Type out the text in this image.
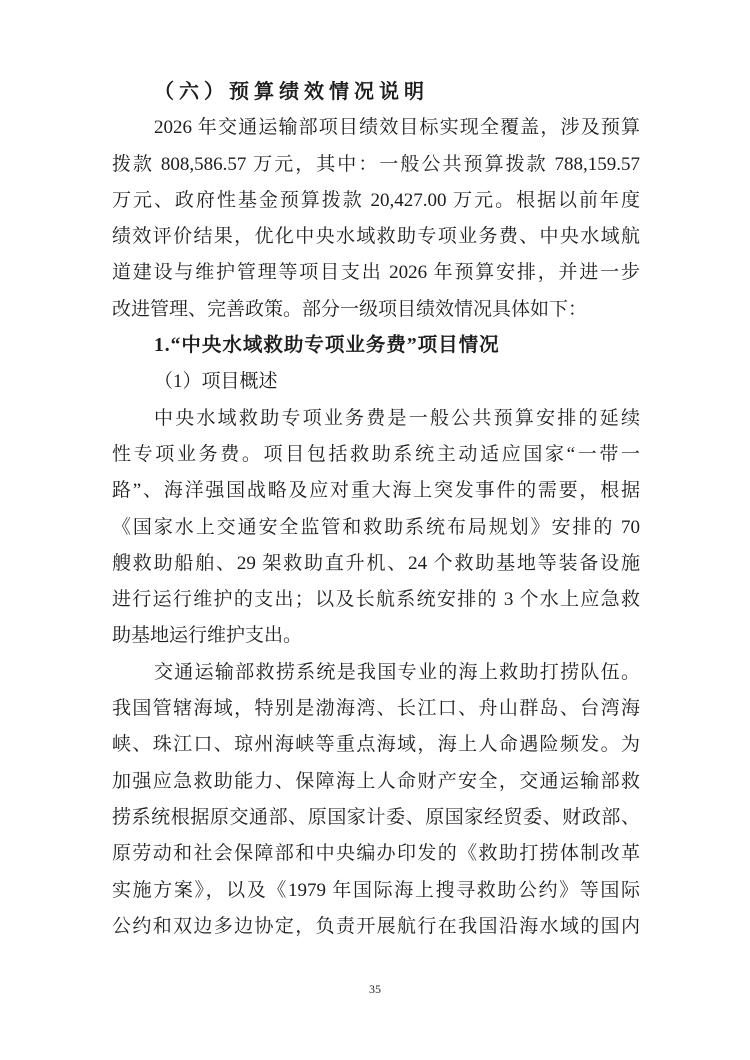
（六）预算绩效情况说明
2026 年交通运输部项目绩效目标实现全覆盖，涉及预算
拨款 808,586.57 万元，其中：一般公共预算拨款 788,159.57
万元、政府性基金预算拨款 20,427.00 万元。根据以前年度
绩效评价结果，优化中央水域救助专项业务费、中央水域航
道建设与维护管理等项目支出 2026 年预算安排，并进一步
改进管理、完善政策。部分一级项目绩效情况具体如下：
1.“中央水域救助专项业务费”项目情况
（1）项目概述
中央水域救助专项业务费是一般公共预算安排的延续
性专项业务费。项目包括救助系统主动适应国家“一带一
路”、海洋强国战略及应对重大海上突发事件的需要，根据
《国家水上交通安全监管和救助系统布局规划》安排的 70
艘救助船舶、29 架救助直升机、24 个救助基地等装备设施
进行运行维护的支出；以及长航系统安排的 3 个水上应急救
助基地运行维护支出。
交通运输部救捞系统是我国专业的海上救助打捞队伍。
我国管辖海域，特别是渤海湾、长江口、舟山群岛、台湾海
峡、珠江口、琼州海峡等重点海域，海上人命遇险频发。为
加强应急救助能力、保障海上人命财产安全，交通运输部救
捞系统根据原交通部、原国家计委、原国家经贸委、财政部、
原劳动和社会保障部和中央编办印发的《救助打捞体制改革
实施方案》，以及《1979 年国际海上搜寻救助公约》等国际
公约和双边多边协定，负责开展航行在我国沿海水域的国内
35
